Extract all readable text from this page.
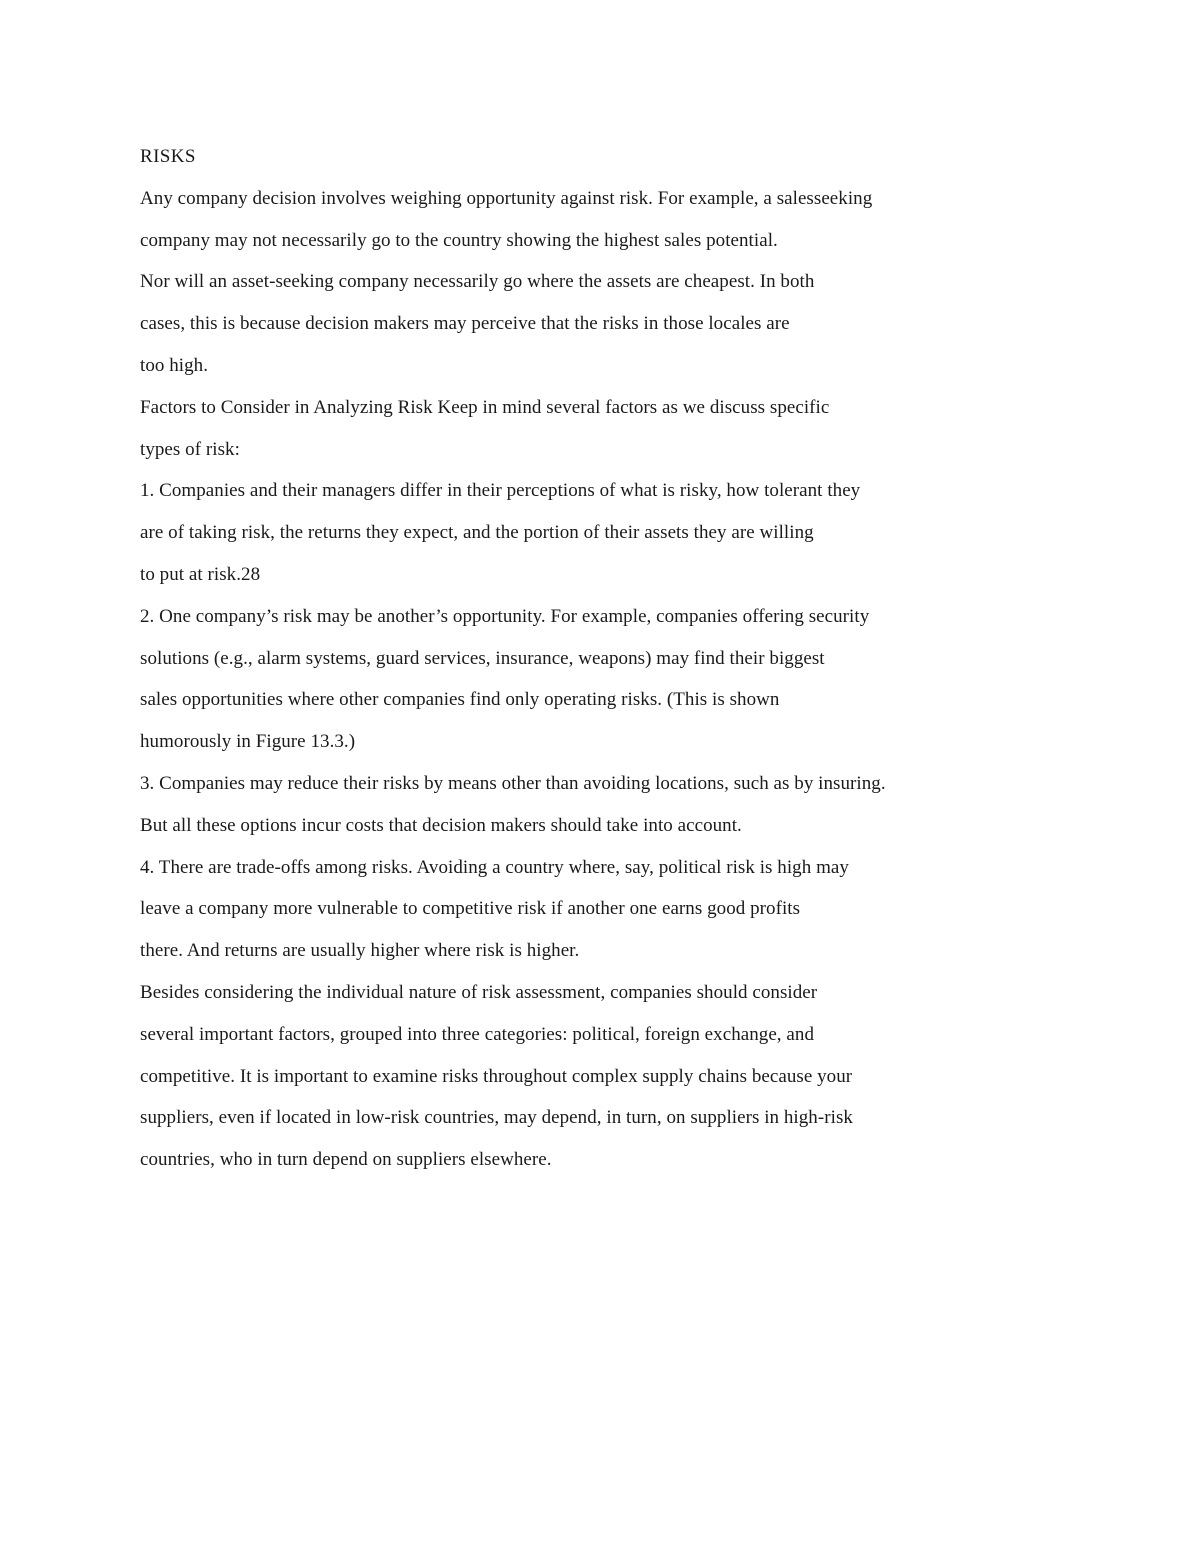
RISKS
Any company decision involves weighing opportunity against risk. For example, a salesseeking
company may not necessarily go to the country showing the highest sales potential.
Nor will an asset-seeking company necessarily go where the assets are cheapest. In both
cases, this is because decision makers may perceive that the risks in those locales are
too high.
Factors to Consider in Analyzing Risk Keep in mind several factors as we discuss specific
types of risk:
1. Companies and their managers differ in their perceptions of what is risky, how tolerant they
are of taking risk, the returns they expect, and the portion of their assets they are willing
to put at risk.28
2. One company’s risk may be another’s opportunity. For example, companies offering security
solutions (e.g., alarm systems, guard services, insurance, weapons) may find their biggest
sales opportunities where other companies find only operating risks. (This is shown
humorously in Figure 13.3.)
3. Companies may reduce their risks by means other than avoiding locations, such as by insuring.
But all these options incur costs that decision makers should take into account.
4. There are trade-offs among risks. Avoiding a country where, say, political risk is high may
leave a company more vulnerable to competitive risk if another one earns good profits
there. And returns are usually higher where risk is higher.
Besides considering the individual nature of risk assessment, companies should consider
several important factors, grouped into three categories: political, foreign exchange, and
competitive. It is important to examine risks throughout complex supply chains because your
suppliers, even if located in low-risk countries, may depend, in turn, on suppliers in high-risk
countries, who in turn depend on suppliers elsewhere.
